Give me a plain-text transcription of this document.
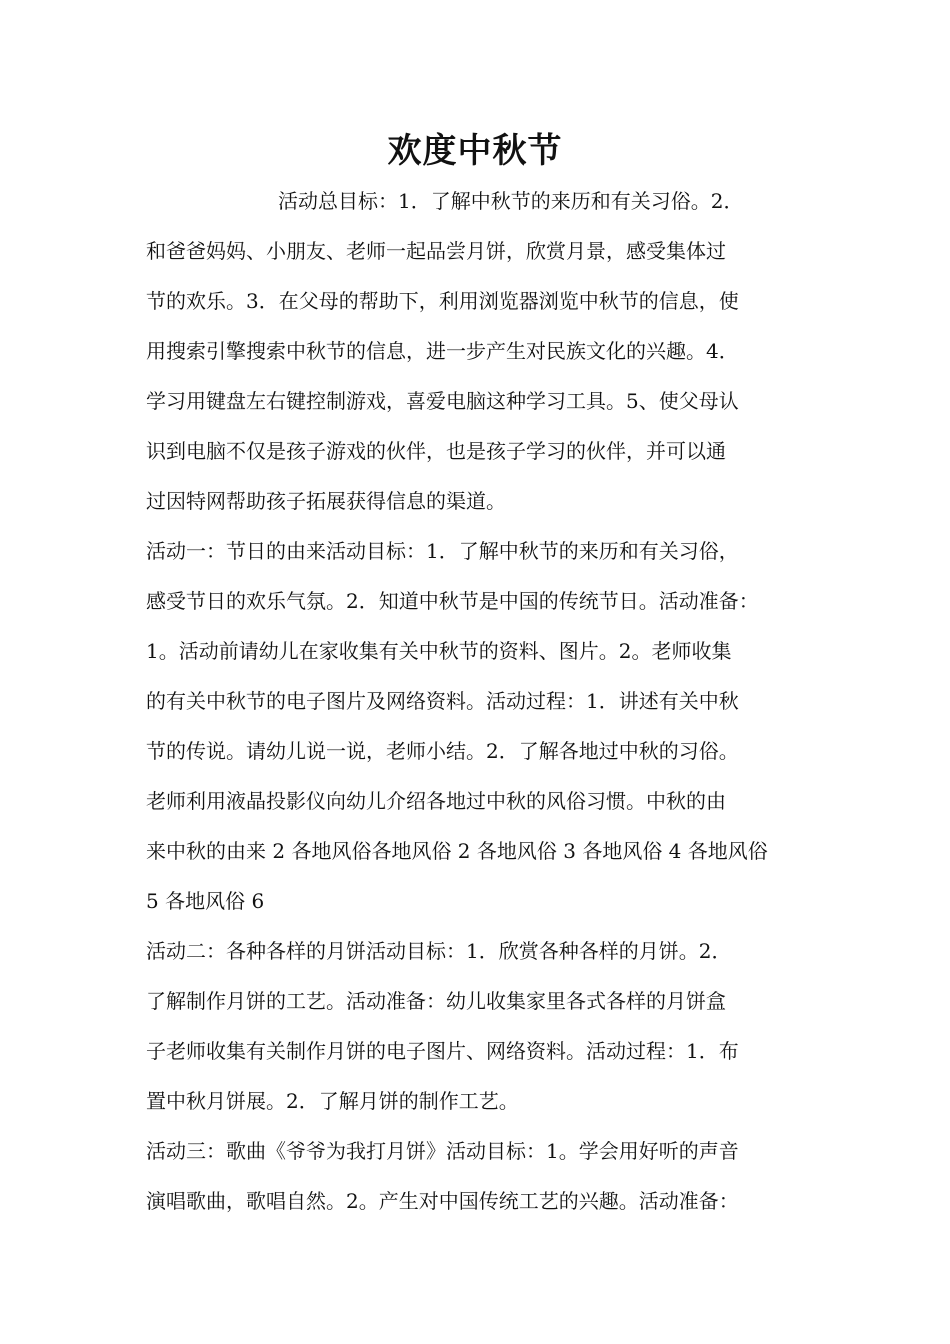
欢度中秋节
活动总目标：1．了解中秋节的来历和有关习俗。2．
和爸爸妈妈、小朋友、老师一起品尝月饼，欣赏月景，感受集体过
节的欢乐。3．在父母的帮助下，利用浏览器浏览中秋节的信息，使
用搜索引擎搜索中秋节的信息，进一步产生对民族文化的兴趣。4．
学习用键盘左右键控制游戏，喜爱电脑这种学习工具。5、使父母认
识到电脑不仅是孩子游戏的伙伴，也是孩子学习的伙伴，并可以通
过因特网帮助孩子拓展获得信息的渠道。
活动一：节日的由来活动目标：1．了解中秋节的来历和有关习俗，
感受节日的欢乐气氛。2．知道中秋节是中国的传统节日。活动准备：
1。活动前请幼儿在家收集有关中秋节的资料、图片。2。老师收集
的有关中秋节的电子图片及网络资料。活动过程：1．讲述有关中秋
节的传说。请幼儿说一说，老师小结。2．了解各地过中秋的习俗。
老师利用液晶投影仪向幼儿介绍各地过中秋的风俗习惯。中秋的由
来中秋的由来 2 各地风俗各地风俗 2 各地风俗 3 各地风俗 4 各地风俗
5 各地风俗 6
活动二：各种各样的月饼活动目标：1．欣赏各种各样的月饼。2．
了解制作月饼的工艺。活动准备：幼儿收集家里各式各样的月饼盒
子老师收集有关制作月饼的电子图片、网络资料。活动过程：1．布
置中秋月饼展。2．了解月饼的制作工艺。
活动三：歌曲《爷爷为我打月饼》活动目标：1。学会用好听的声音
演唱歌曲，歌唱自然。2。产生对中国传统工艺的兴趣。活动准备：
